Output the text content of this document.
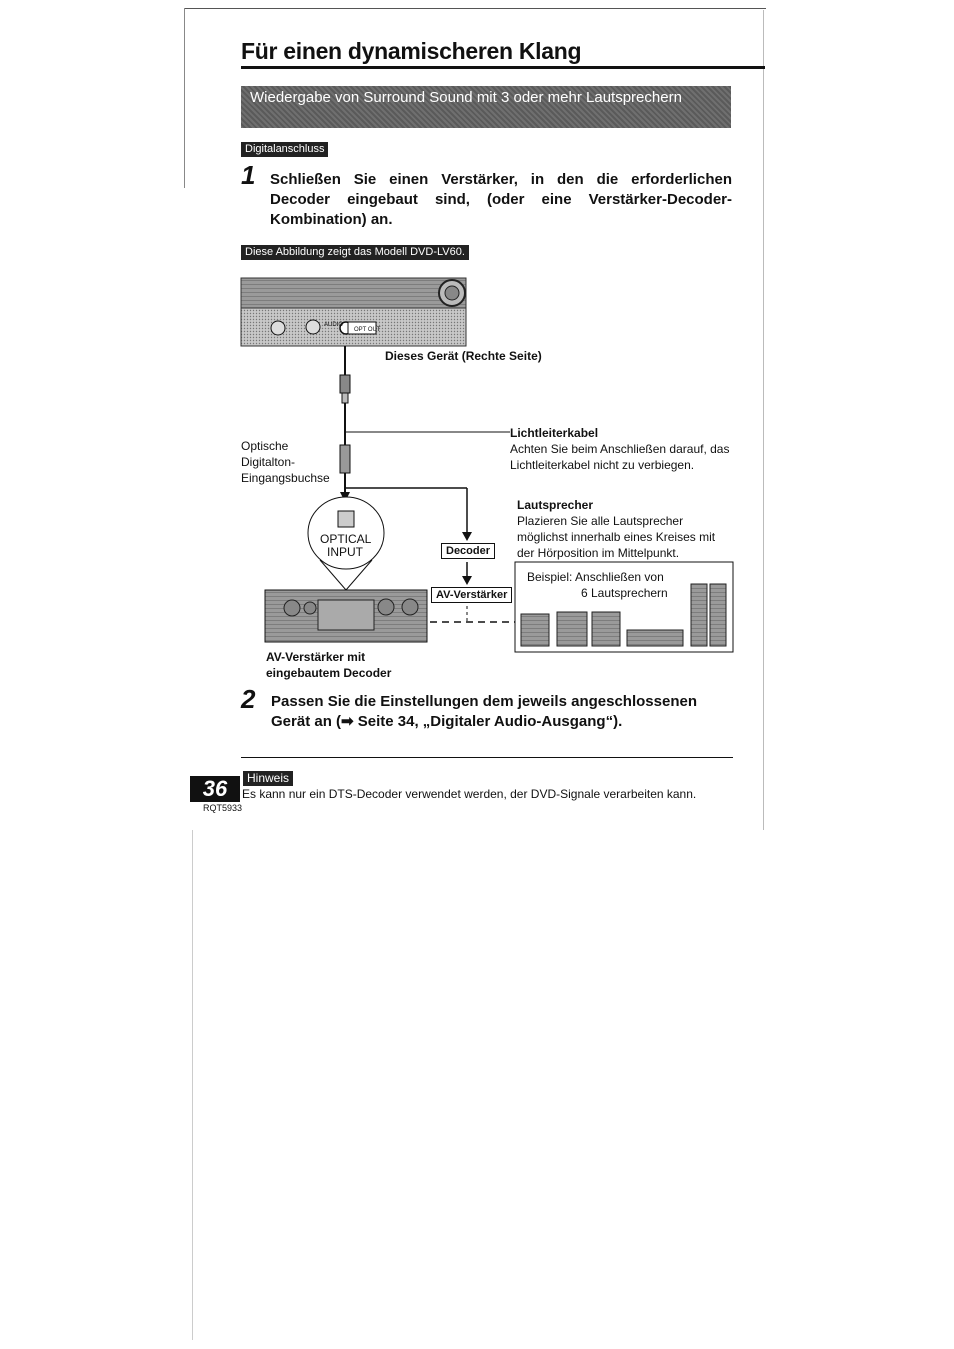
Für einen dynamischeren Klang
Wiedergabe von Surround Sound mit 3 oder mehr Lautsprechern
Digitalanschluss
1 Schließen Sie einen Verstärker, in den die erforderlichen Decoder eingebaut sind, (oder eine Verstärker-Decoder-Kombination) an.
Diese Abbildung zeigt das Modell DVD-LV60.
Dieses Gerät (Rechte Seite)
AUDIO
OPT OUT
Optische
Digitalton-
Eingangsbuchse
OPTICAL
INPUT
Lichtleiterkabel
Achten Sie beim Anschließen darauf, das Lichtleiterkabel nicht zu verbiegen.
Lautsprecher
Plazieren Sie alle Lautsprecher möglichst innerhalb eines Kreises mit der Hörposition im Mittelpunkt.
Decoder
AV-Verstärker
Beispiel: Anschließen von
6 Lautsprechern
AV-Verstärker mit
eingebautem Decoder
2 Passen Sie die Einstellungen dem jeweils angeschlossenen Gerät an (➡ Seite 34, „Digitaler Audio-Ausgang“).
Hinweis
36	Es kann nur ein DTS-Decoder verwendet werden, der DVD-Signale verarbeiten kann.
RQT5933
